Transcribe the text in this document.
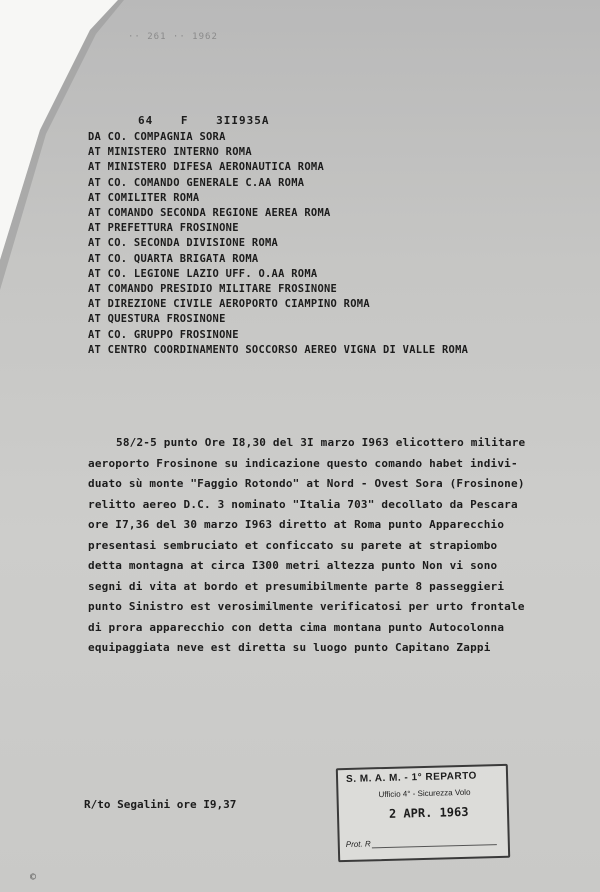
·· 261 ·· 1962
64	F	3II935A
DA CO. COMPAGNIA SORA
AT MINISTERO INTERNO ROMA
AT MINISTERO DIFESA AERONAUTICA ROMA
AT CO. COMANDO GENERALE C.AA ROMA
AT COMILITER ROMA
AT COMANDO SECONDA REGIONE AEREA ROMA
AT PREFETTURA FROSINONE
AT CO. SECONDA DIVISIONE ROMA
AT CO. QUARTA BRIGATA ROMA
AT CO. LEGIONE LAZIO UFF. O.AA ROMA
AT COMANDO PRESIDIO MILITARE FROSINONE
AT DIREZIONE CIVILE AEROPORTO CIAMPINO ROMA
AT QUESTURA FROSINONE
AT CO. GRUPPO FROSINONE
AT CENTRO COORDINAMENTO SOCCORSO AEREO VIGNA DI VALLE ROMA

58/2-5 punto Ore I8,30 del 3I marzo I963 elicottero militare

aeroporto Frosinone su indicazione questo comando habet indivi-

duato sù monte "Faggio Rotondo" at Nord - Ovest Sora (Frosinone)

relitto aereo D.C. 3 nominato "Italia 703" decollato da Pescara

ore I7,36 del 30 marzo I963 diretto at Roma punto Apparecchio

presentasi sembruciato et conficcato su parete at strapiombo

detta montagna at circa I300 metri altezza punto Non vi sono

segni di vita at bordo et presumibilmente parte 8 passeggieri

punto Sinistro est verosimilmente verificatosi per urto frontale

di prora apparecchio con detta cima montana punto Autocolonna

equipaggiata neve est diretta su luogo punto Capitano Zappi

R/to Segalini ore I9,37
S. M. A. M. - 1° REPARTO
Ufficio 4° - Sicurezza Volo
2 APR. 1963
Prot. R
©
